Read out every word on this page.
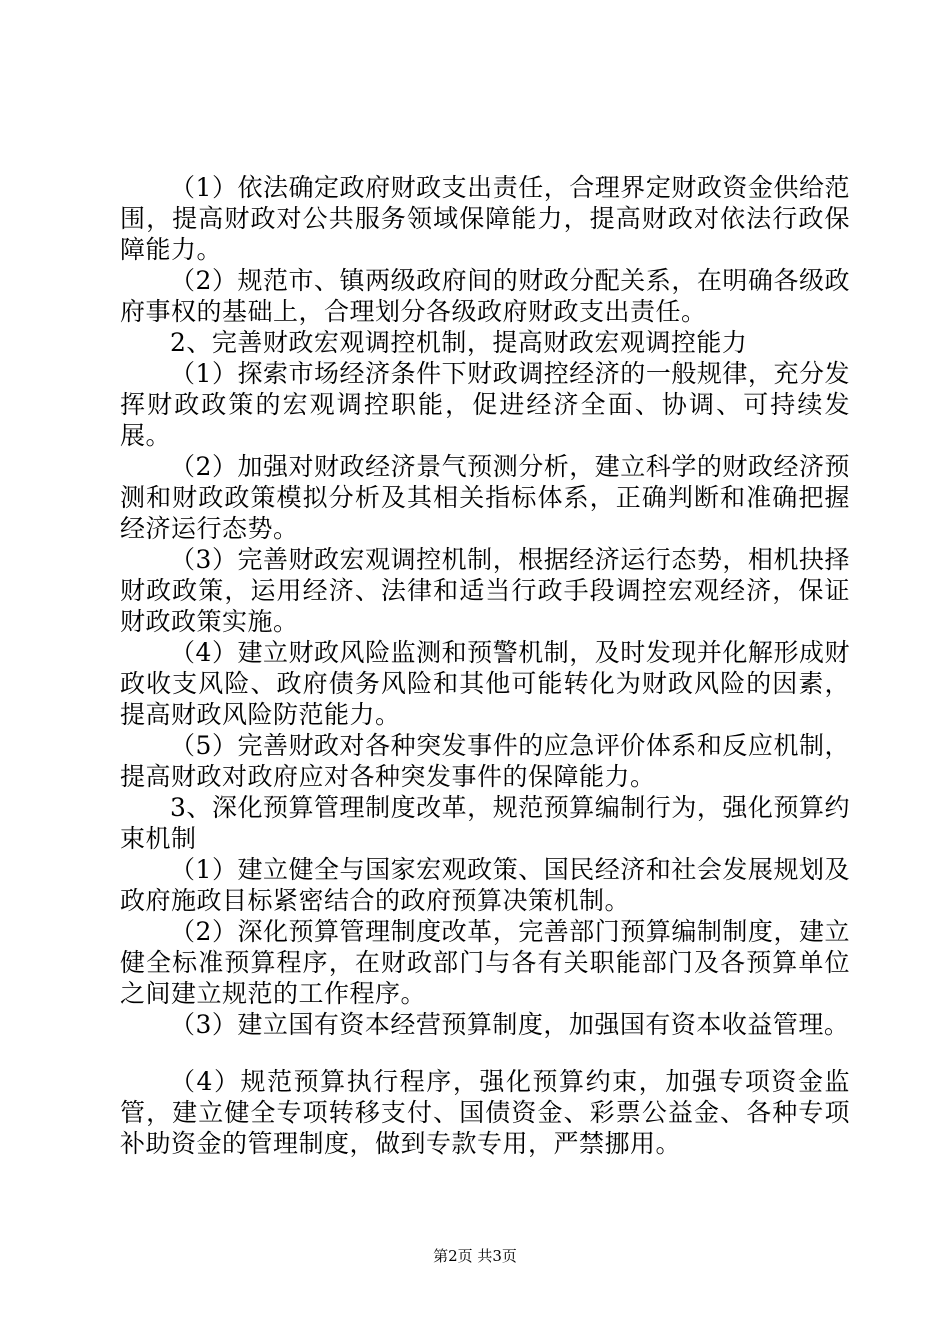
（1）依法确定政府财政支出责任，合理界定财政资金供给范围，提高财政对公共服务领域保障能力，提高财政对依法行政保障能力。

（2）规范市、镇两级政府间的财政分配关系，在明确各级政府事权的基础上，合理划分各级政府财政支出责任。

2、完善财政宏观调控机制，提高财政宏观调控能力

（1）探索市场经济条件下财政调控经济的一般规律，充分发挥财政政策的宏观调控职能，促进经济全面、协调、可持续发展。

（2）加强对财政经济景气预测分析，建立科学的财政经济预测和财政政策模拟分析及其相关指标体系，正确判断和准确把握经济运行态势。

（3）完善财政宏观调控机制，根据经济运行态势，相机抉择财政政策，运用经济、法律和适当行政手段调控宏观经济，保证财政政策实施。

（4）建立财政风险监测和预警机制，及时发现并化解形成财政收支风险、政府债务风险和其他可能转化为财政风险的因素，提高财政风险防范能力。

（5）完善财政对各种突发事件的应急评价体系和反应机制，提高财政对政府应对各种突发事件的保障能力。

3、深化预算管理制度改革，规范预算编制行为，强化预算约束机制

（1）建立健全与国家宏观政策、国民经济和社会发展规划及政府施政目标紧密结合的政府预算决策机制。

（2）深化预算管理制度改革，完善部门预算编制制度，建立健全标准预算程序，在财政部门与各有关职能部门及各预算单位之间建立规范的工作程序。

（3）建立国有资本经营预算制度，加强国有资本收益管理。

（4）规范预算执行程序，强化预算约束，加强专项资金监管，建立健全专项转移支付、国债资金、彩票公益金、各种专项补助资金的管理制度，做到专款专用，严禁挪用。

第2页 共3页
